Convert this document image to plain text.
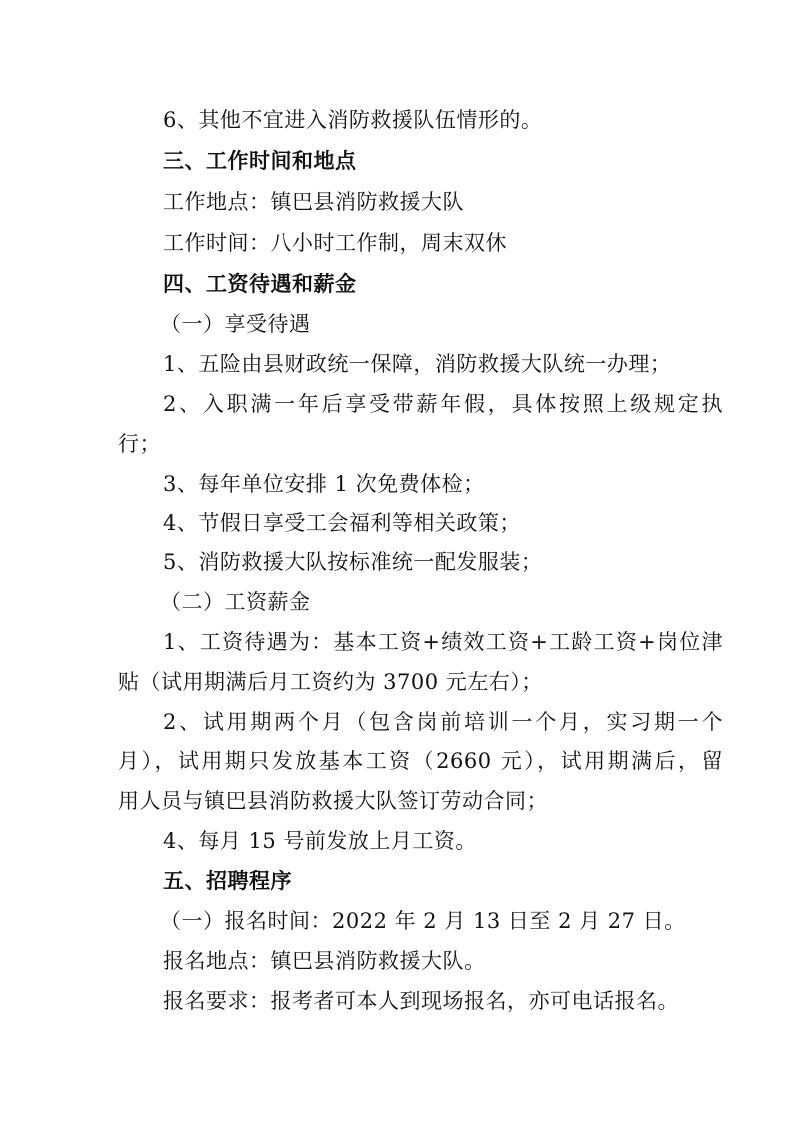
6、其他不宜进入消防救援队伍情形的。

三、工作时间和地点

工作地点：镇巴县消防救援大队

工作时间：八小时工作制，周末双休

四、工资待遇和薪金

（一）享受待遇

1、五险由县财政统一保障，消防救援大队统一办理；

2、入职满一年后享受带薪年假，具体按照上级规定执

行；

3、每年单位安排 1 次免费体检；

4、节假日享受工会福利等相关政策；

5、消防救援大队按标准统一配发服装；

（二）工资薪金

1、工资待遇为：基本工资+绩效工资+工龄工资+岗位津

贴（试用期满后月工资约为 3700 元左右）；

2、试用期两个月（包含岗前培训一个月，实习期一个

月），试用期只发放基本工资（2660 元），试用期满后，留

用人员与镇巴县消防救援大队签订劳动合同；

4、每月 15 号前发放上月工资。

五、招聘程序

（一）报名时间：2022 年 2 月 13 日至 2 月 27 日。

报名地点：镇巴县消防救援大队。

报名要求：报考者可本人到现场报名，亦可电话报名。
